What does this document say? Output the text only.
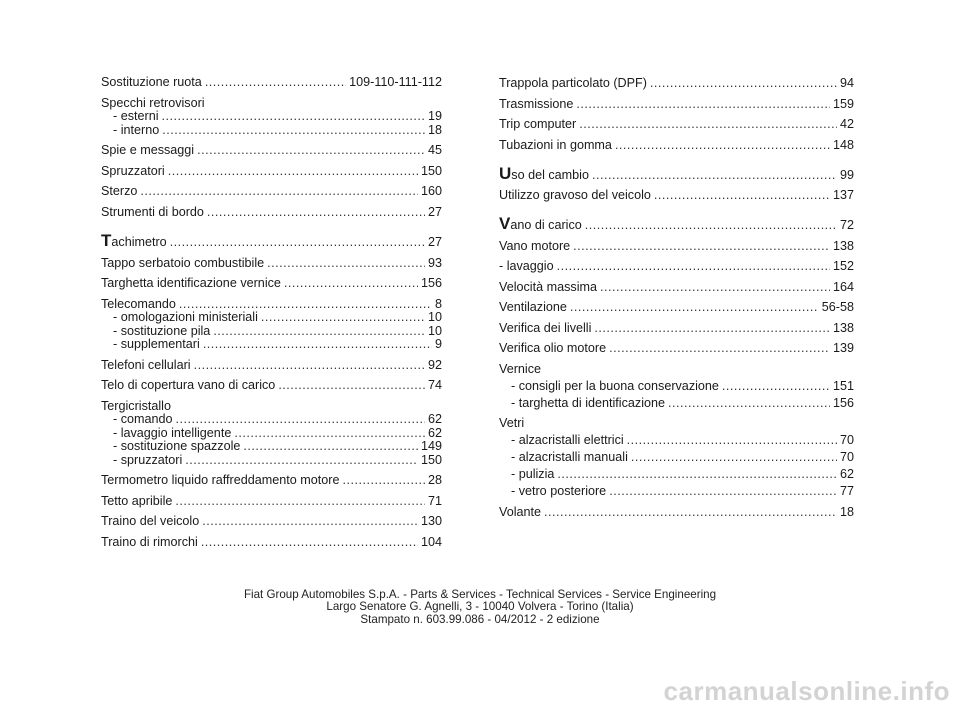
Sostituzione ruota .....	109-110-111-112
Specchi retrovisori
- esterni .....	19
- interno .....	18
Spie e messaggi .....	45
Spruzzatori .....	150
Sterzo .....	160
Strumenti di bordo .....	27
Tachimetro .....	27
Tappo serbatoio combustibile .....	93
Targhetta identificazione vernice .....	156
Telecomando .....	8
- omologazioni ministeriali .....	10
- sostituzione pila .....	10
- supplementari .....	9
Telefoni cellulari .....	92
Telo di copertura vano di carico .....	74
Tergicristallo
- comando .....	62
- lavaggio intelligente .....	62
- sostituzione spazzole .....	149
- spruzzatori .....	150
Termometro liquido raffreddamento motore .....	28
Tetto apribile .....	71
Traino del veicolo .....	130
Traino di rimorchi .....	104
Trappola particolato (DPF) .....	94
Trasmissione .....	159
Trip computer .....	42
Tubazioni in gomma .....	148
Uso del cambio .....	99
Utilizzo gravoso del veicolo .....	137
Vano di carico .....	72
Vano motore .....	138
- lavaggio .....	152
Velocità massima .....	164
Ventilazione .....	56-58
Verifica dei livelli .....	138
Verifica olio motore .....	139
Vernice
- consigli per la buona conservazione .....	151
- targhetta di identificazione .....	156
Vetri
- alzacristalli elettrici .....	70
- alzacristalli manuali .....	70
- pulizia .....	62
- vetro posteriore .....	77
Volante .....	18
Fiat Group Automobiles S.p.A. - Parts & Services - Technical Services - Service Engineering
Largo Senatore G. Agnelli, 3 - 10040 Volvera - Torino (Italia)
Stampato n. 603.99.086 - 04/2012 - 2 edizione
carmanualsonline.info
